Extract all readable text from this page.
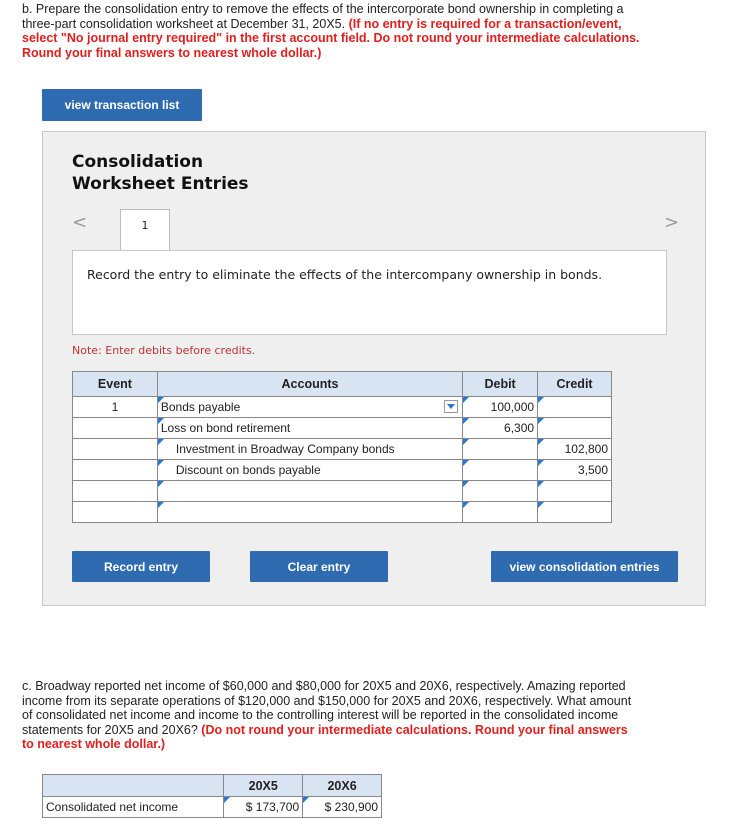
b. Prepare the consolidation entry to remove the effects of the intercorporate bond ownership in completing a three-part consolidation worksheet at December 31, 20X5. (If no entry is required for a transaction/event, select "No journal entry required" in the first account field. Do not round your intermediate calculations. Round your final answers to nearest whole dollar.)
view transaction list
Consolidation
Worksheet Entries
<	>
1
Record the entry to eliminate the effects of the intercompany ownership in bonds.
Note: Enter debits before credits.
Event	Accounts	Debit	Credit
1	Bonds payable	100,000	

Loss on bond retirement	6,300	

Investment in Broadway Company bonds		102,800

Discount on bonds payable		3,500

Record entry	Clear entry	view consolidation entries
c. Broadway reported net income of $60,000 and $80,000 for 20X5 and 20X6, respectively. Amazing reported income from its separate operations of $120,000 and $150,000 for 20X5 and 20X6, respectively. What amount of consolidated net income and income to the controlling interest will be reported in the consolidated income statements for 20X5 and 20X6? (Do not round your intermediate calculations. Round your final answers to nearest whole dollar.)
	20X5	20X6
Consolidated net income	$ 173,700	$ 230,900
